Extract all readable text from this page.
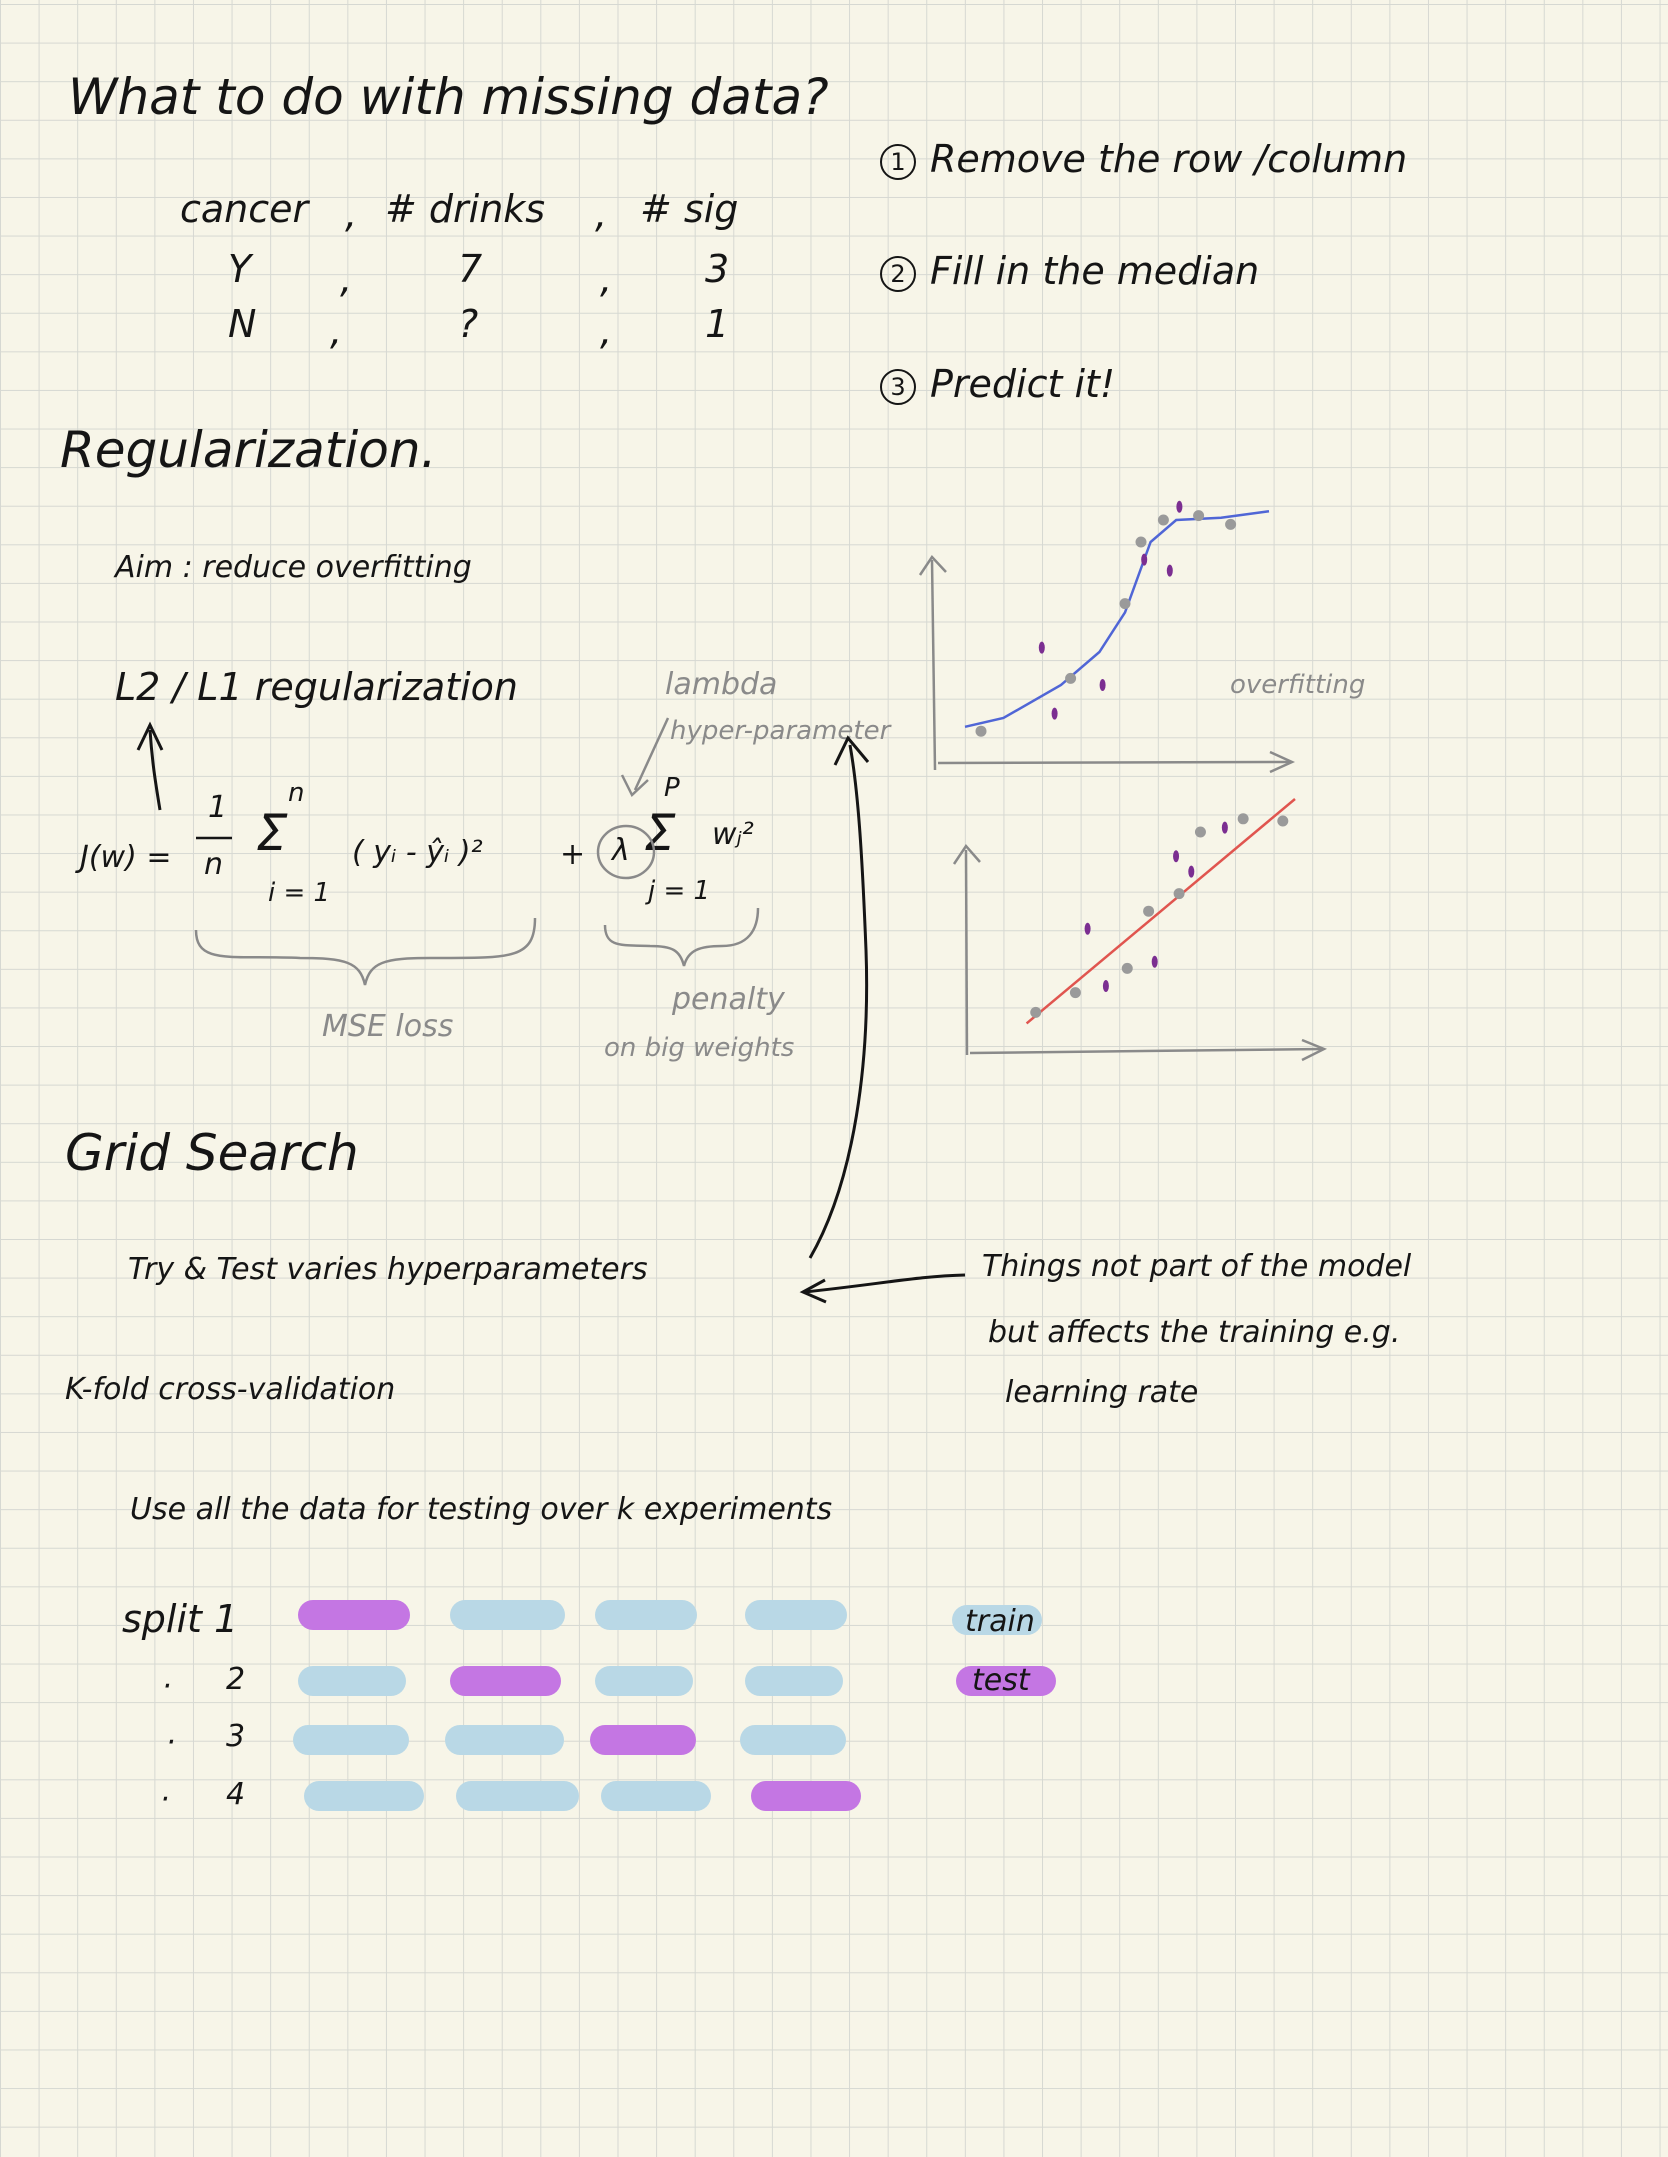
What to do with missing data?
cancer # drinks # sig
Y	7	3
N	?	1
,	,
,	,
,	,
1 Remove the row /column
2 Fill in the median
3 Predict it!
Regularization.
Aim : reduce overfitting
L2 / L1 regularization
J(w) =
1
n
n
Σ
i = 1
( yᵢ - ŷᵢ )²	+ λ
P
Σ
j = 1
wⱼ²
lambda
hyper-parameter
MSE loss
penalty
on big weights
overfitting
Grid Search
Try & Test varies hyperparameters	Things not part of the model
but affects the training e.g.
learning rate
K-fold cross-validation
Use all the data for testing over k experiments
split 1
2
3
4
·
·
·
train
test
